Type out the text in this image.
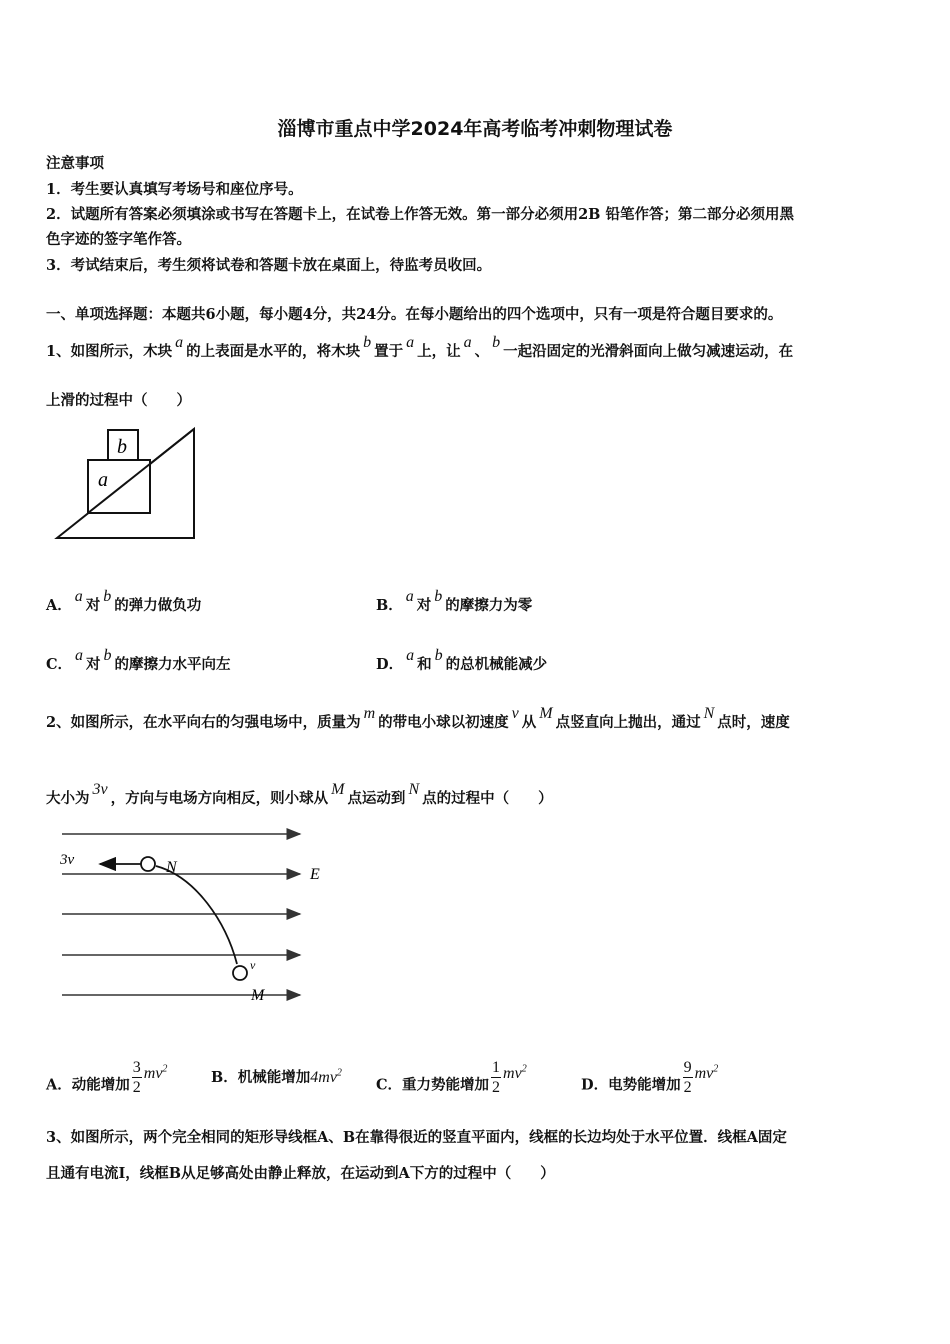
淄博市重点中学2024年高考临考冲刺物理试卷
注意事项
1．考生要认真填写考场号和座位序号。
2．试题所有答案必须填涂或书写在答题卡上，在试卷上作答无效。第一部分必须用2B 铅笔作答；第二部分必须用黑
色字迹的签字笔作答。
3．考试结束后，考生须将试卷和答题卡放在桌面上，待监考员收回。
一、单项选择题：本题共6小题，每小题4分，共24分。在每小题给出的四个选项中，只有一项是符合题目要求的。
1、如图所示，木块a的上表面是水平的，将木块b置于a上，让a、b一起沿固定的光滑斜面向上做匀减速运动，在
上滑的过程中（　　）
b
a
A．a对b的弹力做负功	B．a对b的摩擦力为零
C．a对b的摩擦力水平向左	D．a和b的总机械能减少
2、如图所示，在水平向右的匀强电场中，质量为m的带电小球以初速度v从M点竖直向上抛出，通过N点时，速度
大小为3v，方向与电场方向相反，则小球从M点运动到N点的过程中（　　）
3v	N	E
v
M
A．动能增加 $\frac{3}{2} mv^2$
B．机械能增加$4mv^2$
C．重力势能增加 $\frac{1}{2} mv^2$
D．电势能增加 $\frac{9}{2} mv^2$
3、如图所示，两个完全相同的矩形导线框A、B在靠得很近的竖直平面内，线框的长边均处于水平位置．线框A固定
且通有电流I，线框B从足够高处由静止释放，在运动到A下方的过程中（　　）
